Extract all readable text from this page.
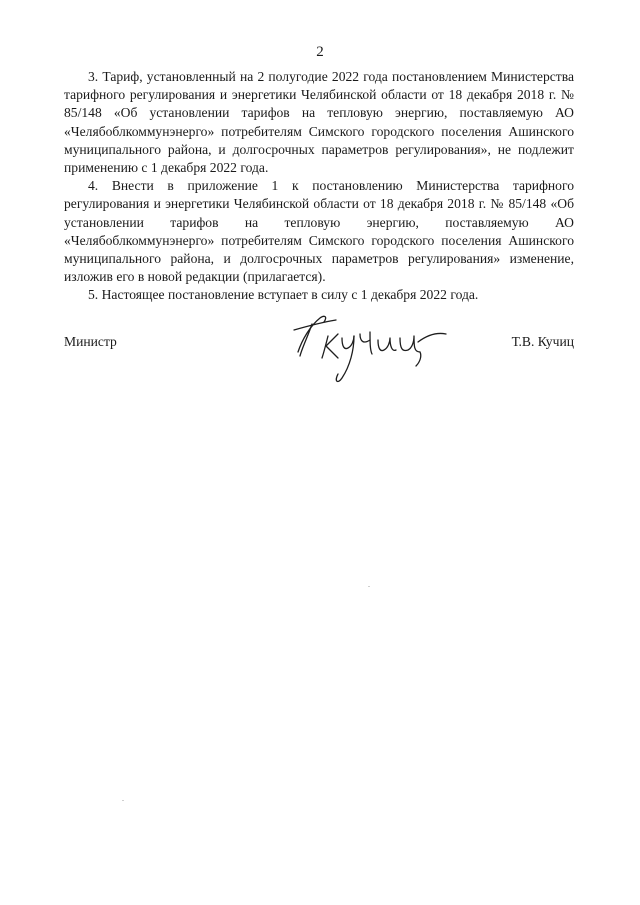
2

3. Тариф, установленный на 2 полугодие 2022 года постановлением Министерства тарифного регулирования и энергетики Челябинской области от 18 декабря 2018 г. № 85/148 «Об установлении тарифов на тепловую энергию, поставляемую АО «Челябоблкоммунэнерго» потребителям Симского городского поселения Ашинского муниципального района, и долгосрочных параметров регулирования», не подлежит применению с 1 декабря 2022 года.

4. Внести в приложение 1 к постановлению Министерства тарифного регулирования и энергетики Челябинской области от 18 декабря 2018 г. № 85/148 «Об установлении тарифов на тепловую энергию, поставляемую АО «Челябоблкоммунэнерго» потребителям Симского городского поселения Ашинского муниципального района, и долгосрочных параметров регулирования» изменение, изложив его в новой редакции (прилагается).

5. Настоящее постановление вступает в силу с 1 декабря 2022 года.

Министр	Т.В. Кучиц
